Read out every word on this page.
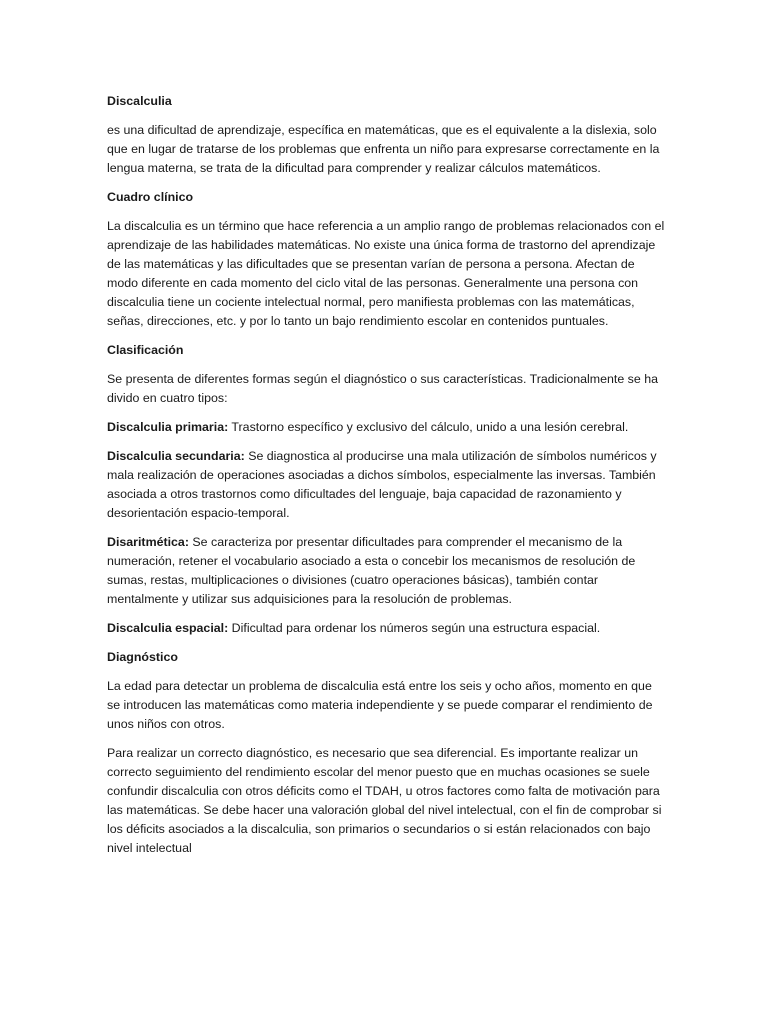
Discalculia

es una dificultad de aprendizaje, específica en matemáticas, que es el equivalente a la dislexia, solo que en lugar de tratarse de los problemas que enfrenta un niño para expresarse correctamente en la lengua materna, se trata de la dificultad para comprender y realizar cálculos matemáticos.

Cuadro clínico

La discalculia es un término que hace referencia a un amplio rango de problemas relacionados con el aprendizaje de las habilidades matemáticas. No existe una única forma de trastorno del aprendizaje de las matemáticas y las dificultades que se presentan varían de persona a persona. Afectan de modo diferente en cada momento del ciclo vital de las personas. Generalmente una persona con discalculia tiene un cociente intelectual normal, pero manifiesta problemas con las matemáticas, señas, direcciones, etc. y por lo tanto un bajo rendimiento escolar en contenidos puntuales.

Clasificación

Se presenta de diferentes formas según el diagnóstico o sus características. Tradicionalmente se ha divido en cuatro tipos:

Discalculia primaria: Trastorno específico y exclusivo del cálculo, unido a una lesión cerebral.

Discalculia secundaria: Se diagnostica al producirse una mala utilización de símbolos numéricos y mala realización de operaciones asociadas a dichos símbolos, especialmente las inversas. También asociada a otros trastornos como dificultades del lenguaje, baja capacidad de razonamiento y desorientación espacio-temporal.

Disaritmética: Se caracteriza por presentar dificultades para comprender el mecanismo de la numeración, retener el vocabulario asociado a esta o concebir los mecanismos de resolución de sumas, restas, multiplicaciones o divisiones (cuatro operaciones básicas), también contar mentalmente y utilizar sus adquisiciones para la resolución de problemas.

Discalculia espacial: Dificultad para ordenar los números según una estructura espacial.

Diagnóstico

La edad para detectar un problema de discalculia está entre los seis y ocho años, momento en que se introducen las matemáticas como materia independiente y se puede comparar el rendimiento de unos niños con otros.

Para realizar un correcto diagnóstico, es necesario que sea diferencial. Es importante realizar un correcto seguimiento del rendimiento escolar del menor puesto que en muchas ocasiones se suele confundir discalculia con otros déficits como el TDAH, u otros factores como falta de motivación para las matemáticas. Se debe hacer una valoración global del nivel intelectual, con el fin de comprobar si los déficits asociados a la discalculia, son primarios o secundarios o si están relacionados con bajo nivel intelectual
